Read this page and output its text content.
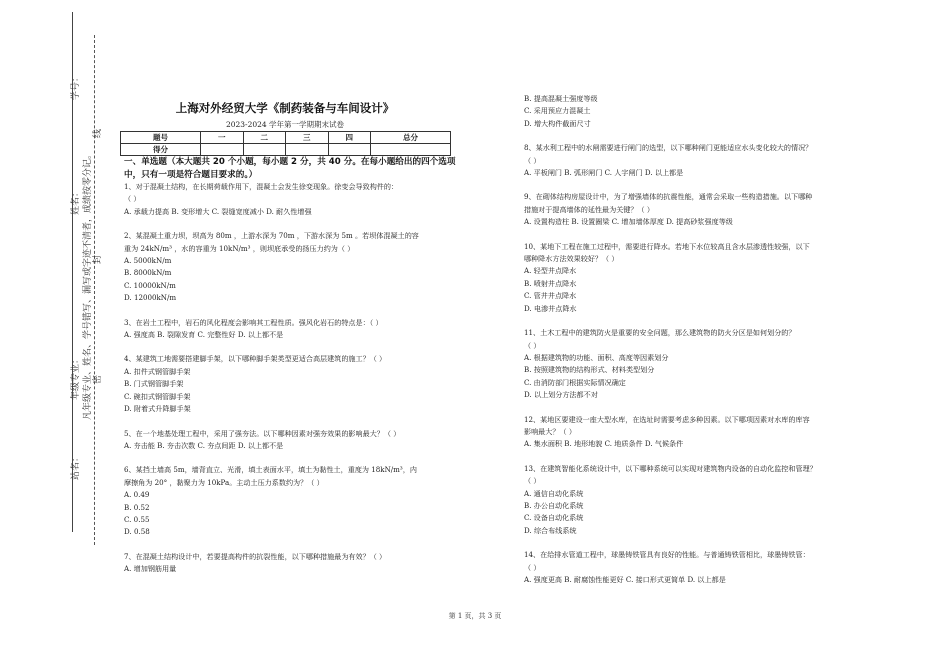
学号：
姓名：
年级专业：
站名：
凡年级专业、姓名、学号错写、漏写或字迹不清者，成绩按零分记。 密
封
线
上海对外经贸大学《制药装备与车间设计》
2023-2024 学年第一学期期末试卷
题号	一	二	三	四	总分
得分					
一、单选题（本大题共 20 个小题，每小题 2 分，共 40 分。在每小题给出的四个选项中，只有一项是符合题目要求的。）
1、对于混凝土结构，在长期荷载作用下，混凝土会发生徐变现象。徐变会导致构件的：
（ ）
A. 承载力提高 B. 变形增大 C. 裂缝宽度减小 D. 耐久性增强
2、某混凝土重力坝，坝高为 80m ，上游水深为 70m ，下游水深为 5m 。若坝体混凝土的容
重为 24kN/m³ ，水的容重为 10kN/m³ ，则坝底承受的扬压力约为（ ）
A. 5000kN/m
B. 8000kN/m
C. 10000kN/m
D. 12000kN/m
3、在岩土工程中，岩石的风化程度会影响其工程性质。强风化岩石的特点是：（ ）
A. 强度高 B. 裂隙发育 C. 完整性好 D. 以上都不是
4、某建筑工地需要搭建脚手架，以下哪种脚手架类型更适合高层建筑的施工？（ ）
A. 扣件式钢管脚手架
B. 门式钢管脚手架
C. 碗扣式钢管脚手架
D. 附着式升降脚手架
5、在一个地基处理工程中，采用了强夯法。以下哪种因素对强夯效果的影响最大？（ ）
A. 夯击能 B. 夯击次数 C. 夯点间距 D. 以上都不是
6、某挡土墙高 5m，墙背直立、光滑，填土表面水平，填土为黏性土，重度为 18kN/m³，内
摩擦角为 20° ，黏聚力为 10kPa。主动土压力系数约为？（ ）
A. 0.49
B. 0.52
C. 0.55
D. 0.58
7、在混凝土结构设计中，若要提高构件的抗裂性能，以下哪种措施最为有效？（ ）
A. 增加钢筋用量
B. 提高混凝土强度等级
C. 采用预应力混凝土
D. 增大构件截面尺寸
8、某水利工程中的水闸需要进行闸门的选型，以下哪种闸门更能适应水头变化较大的情况？
（ ）
A. 平板闸门 B. 弧形闸门 C. 人字闸门 D. 以上都是
9、在砌体结构房屋设计中，为了增强墙体的抗震性能，通常会采取一些构造措施。以下哪种
措施对于提高墙体的延性最为关键？（ ）
A. 设置构造柱 B. 设置圈梁 C. 增加墙体厚度 D. 提高砂浆强度等级
10、某地下工程在施工过程中，需要进行降水。若地下水位较高且含水层渗透性较强，以下
哪种降水方法效果较好？（ ）
A. 轻型井点降水
B. 喷射井点降水
C. 管井井点降水
D. 电渗井点降水
11、土木工程中的建筑防火是重要的安全问题，那么建筑物的防火分区是如何划分的？
（ ）
A. 根据建筑物的功能、面积、高度等因素划分
B. 按照建筑物的结构形式、材料类型划分
C. 由消防部门根据实际情况确定
D. 以上划分方法都不对
12、某地区要建设一座大型水库，在选址时需要考虑多种因素。以下哪项因素对水库的库容
影响最大？（ ）
A. 集水面积 B. 地形地貌 C. 地质条件 D. 气候条件
13、在建筑智能化系统设计中，以下哪种系统可以实现对建筑物内设备的自动化监控和管理？
（ ）
A. 通信自动化系统
B. 办公自动化系统
C. 设备自动化系统
D. 综合布线系统
14、在给排水管道工程中，球墨铸铁管具有良好的性能。与普通铸铁管相比，球墨铸铁管：
（ ）
A. 强度更高 B. 耐腐蚀性能更好 C. 接口形式更简单 D. 以上都是
第 1 页，共 3 页
